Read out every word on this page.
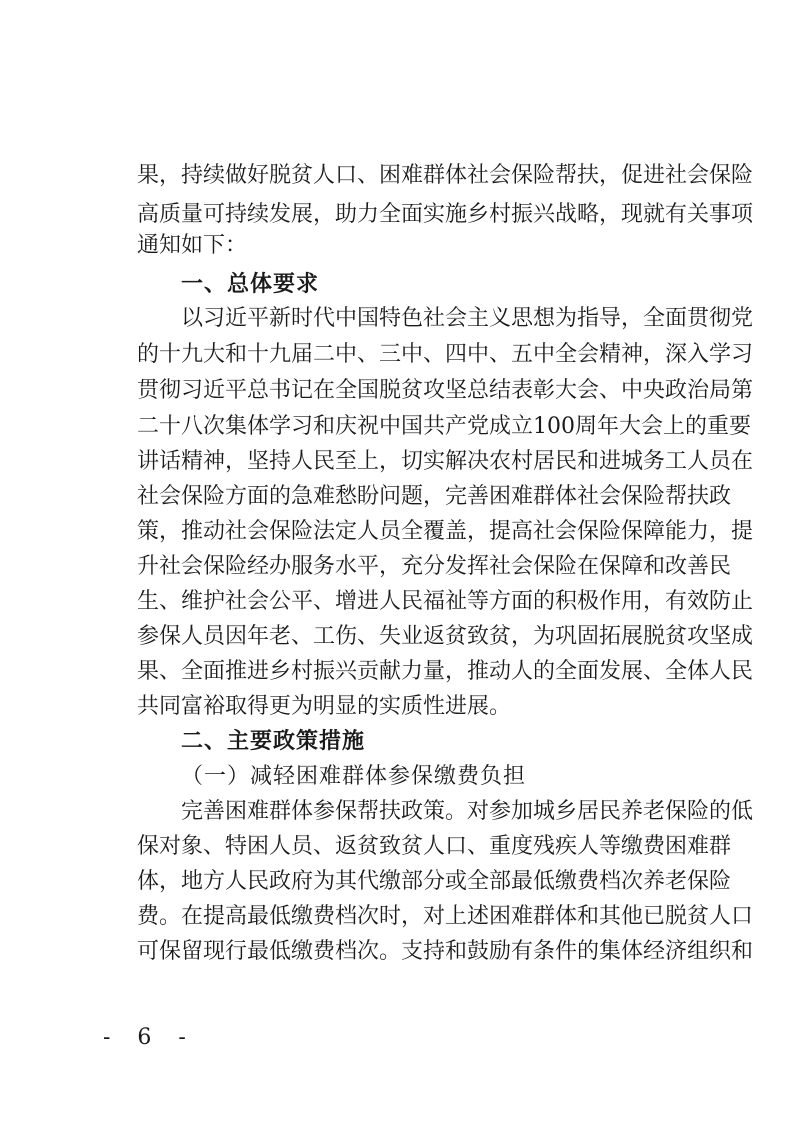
果，持续做好脱贫人口、困难群体社会保险帮扶，促进社会保险
高质量可持续发展，助力全面实施乡村振兴战略，现就有关事项
通知如下：
一、总体要求
以习近平新时代中国特色社会主义思想为指导，全面贯彻党
的十九大和十九届二中、三中、四中、五中全会精神，深入学习
贯彻习近平总书记在全国脱贫攻坚总结表彰大会、中央政治局第
二十八次集体学习和庆祝中国共产党成立100周年大会上的重要
讲话精神，坚持人民至上，切实解决农村居民和进城务工人员在
社会保险方面的急难愁盼问题，完善困难群体社会保险帮扶政
策，推动社会保险法定人员全覆盖，提高社会保险保障能力，提
升社会保险经办服务水平，充分发挥社会保险在保障和改善民
生、维护社会公平、增进人民福祉等方面的积极作用，有效防止
参保人员因年老、工伤、失业返贫致贫，为巩固拓展脱贫攻坚成
果、全面推进乡村振兴贡献力量，推动人的全面发展、全体人民
共同富裕取得更为明显的实质性进展。
二、主要政策措施
（一）减轻困难群体参保缴费负担
完善困难群体参保帮扶政策。对参加城乡居民养老保险的低
保对象、特困人员、返贫致贫人口、重度残疾人等缴费困难群
体，地方人民政府为其代缴部分或全部最低缴费档次养老保险
费。在提高最低缴费档次时，对上述困难群体和其他已脱贫人口
可保留现行最低缴费档次。支持和鼓励有条件的集体经济组织和
- 6 -
